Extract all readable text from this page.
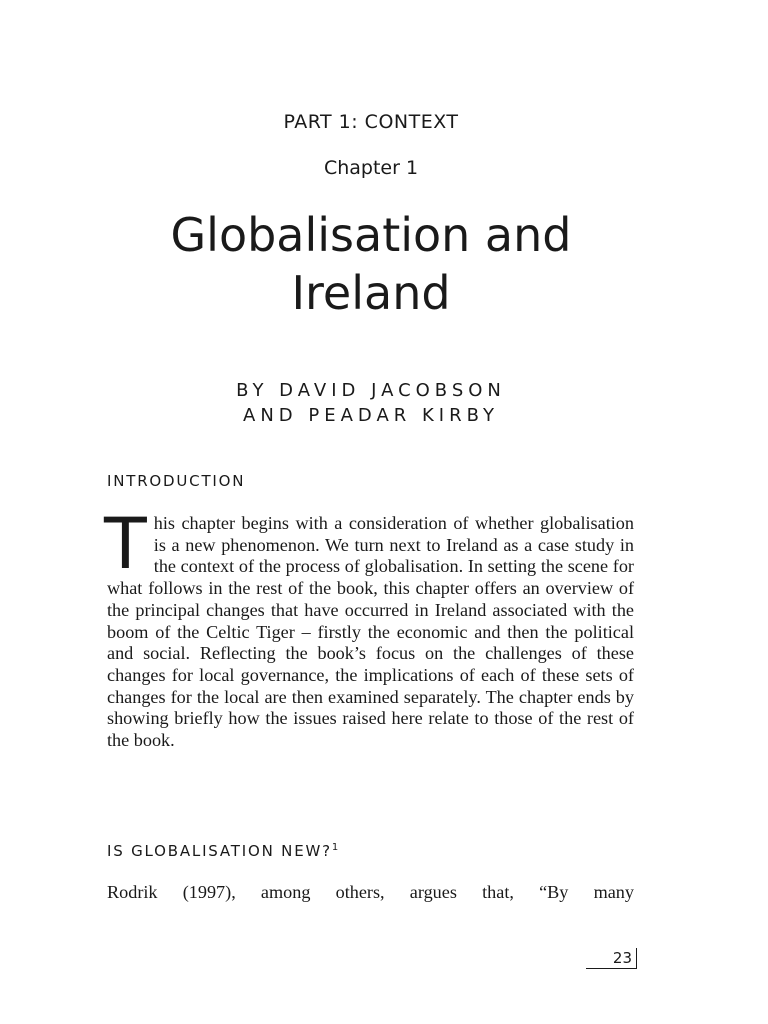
PART 1: CONTEXT
Chapter 1
Globalisation and
Ireland
BY DAVID JACOBSON
AND PEADAR KIRBY
INTRODUCTION

This chapter begins with a consideration of whether globalisation is a new phenomenon. We turn next to Ireland as a case study in the context of the process of globalisation. In setting the scene for what follows in the rest of the book, this chapter offers an overview of the principal changes that have occurred in Ireland associated with the boom of the Celtic Tiger – firstly the economic and then the political and social. Reflecting the book’s focus on the challenges of these changes for local governance, the implications of each of these sets of changes for the local are then examined separately. The chapter ends by showing briefly how the issues raised here relate to those of the rest of the book.

IS GLOBALISATION NEW?$^1$

Rodrik (1997), among others, argues that, “By many

23
